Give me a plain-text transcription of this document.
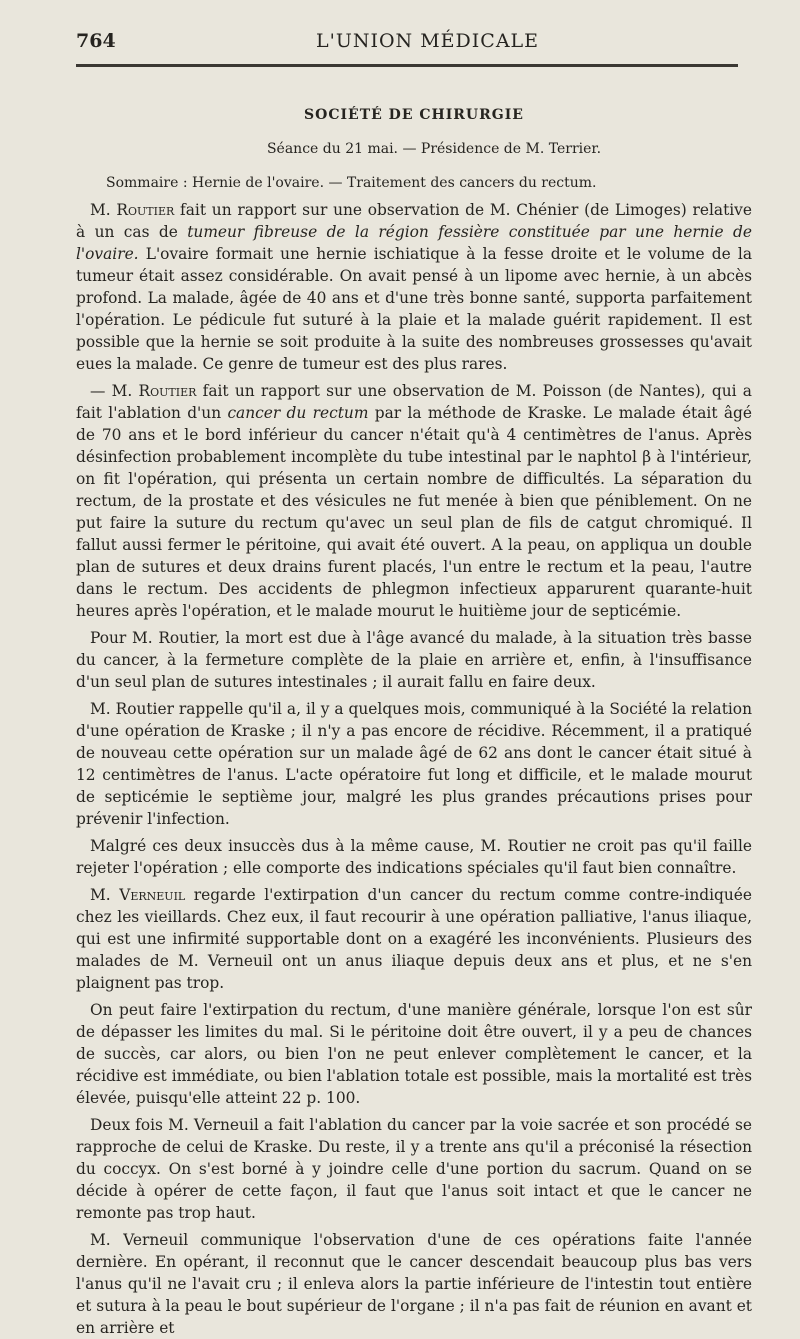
764	L'UNION MÉDICALE
SOCIÉTÉ DE CHIRURGIE
Séance du 21 mai. — Présidence de M. Terrier.
Sommaire : Hernie de l'ovaire. — Traitement des cancers du rectum.

M. Routier fait un rapport sur une observation de M. Chénier (de Limoges) relative à un cas de tumeur fibreuse de la région fessière constituée par une hernie de l'ovaire. L'ovaire formait une hernie ischiatique à la fesse droite et le volume de la tumeur était assez considérable. On avait pensé à un lipome avec hernie, à un abcès profond. La malade, âgée de 40 ans et d'une très bonne santé, supporta parfaitement l'opération. Le pédicule fut suturé à la plaie et la malade guérit rapidement. Il est possible que la hernie se soit produite à la suite des nombreuses grossesses qu'avait eues la malade. Ce genre de tumeur est des plus rares.

— M. Routier fait un rapport sur une observation de M. Poisson (de Nantes), qui a fait l'ablation d'un cancer du rectum par la méthode de Kraske. Le malade était âgé de 70 ans et le bord inférieur du cancer n'était qu'à 4 centimètres de l'anus. Après désinfection probablement incomplète du tube intestinal par le naphtol β à l'intérieur, on fit l'opération, qui présenta un certain nombre de difficultés. La séparation du rectum, de la prostate et des vésicules ne fut menée à bien que péniblement. On ne put faire la suture du rectum qu'avec un seul plan de fils de catgut chromiqué. Il fallut aussi fermer le péritoine, qui avait été ouvert. A la peau, on appliqua un double plan de sutures et deux drains furent placés, l'un entre le rectum et la peau, l'autre dans le rectum. Des accidents de phlegmon infectieux apparurent quarante-huit heures après l'opération, et le malade mourut le huitième jour de septicémie.

Pour M. Routier, la mort est due à l'âge avancé du malade, à la situation très basse du cancer, à la fermeture complète de la plaie en arrière et, enfin, à l'insuffisance d'un seul plan de sutures intestinales ; il aurait fallu en faire deux.

M. Routier rappelle qu'il a, il y a quelques mois, communiqué à la Société la relation d'une opération de Kraske ; il n'y a pas encore de récidive. Récemment, il a pratiqué de nouveau cette opération sur un malade âgé de 62 ans dont le cancer était situé à 12 centimètres de l'anus. L'acte opératoire fut long et difficile, et le malade mourut de septicémie le septième jour, malgré les plus grandes précautions prises pour prévenir l'infection.

Malgré ces deux insuccès dus à la même cause, M. Routier ne croit pas qu'il faille rejeter l'opération ; elle comporte des indications spéciales qu'il faut bien connaître.

M. Verneuil regarde l'extirpation d'un cancer du rectum comme contre-indiquée chez les vieillards. Chez eux, il faut recourir à une opération palliative, l'anus iliaque, qui est une infirmité supportable dont on a exagéré les inconvénients. Plusieurs des malades de M. Verneuil ont un anus iliaque depuis deux ans et plus, et ne s'en plaignent pas trop.

On peut faire l'extirpation du rectum, d'une manière générale, lorsque l'on est sûr de dépasser les limites du mal. Si le péritoine doit être ouvert, il y a peu de chances de succès, car alors, ou bien l'on ne peut enlever complètement le cancer, et la récidive est immédiate, ou bien l'ablation totale est possible, mais la mortalité est très élevée, puisqu'elle atteint 22 p. 100.

Deux fois M. Verneuil a fait l'ablation du cancer par la voie sacrée et son procédé se rapproche de celui de Kraske. Du reste, il y a trente ans qu'il a préconisé la résection du coccyx. On s'est borné à y joindre celle d'une portion du sacrum. Quand on se décide à opérer de cette façon, il faut que l'anus soit intact et que le cancer ne remonte pas trop haut.

M. Verneuil communique l'observation d'une de ces opérations faite l'année dernière. En opérant, il reconnut que le cancer descendait beaucoup plus bas vers l'anus qu'il ne l'avait cru ; il enleva alors la partie inférieure de l'intestin tout entière et sutura à la peau le bout supérieur de l'organe ; il n'a pas fait de réunion en avant et en arrière et
